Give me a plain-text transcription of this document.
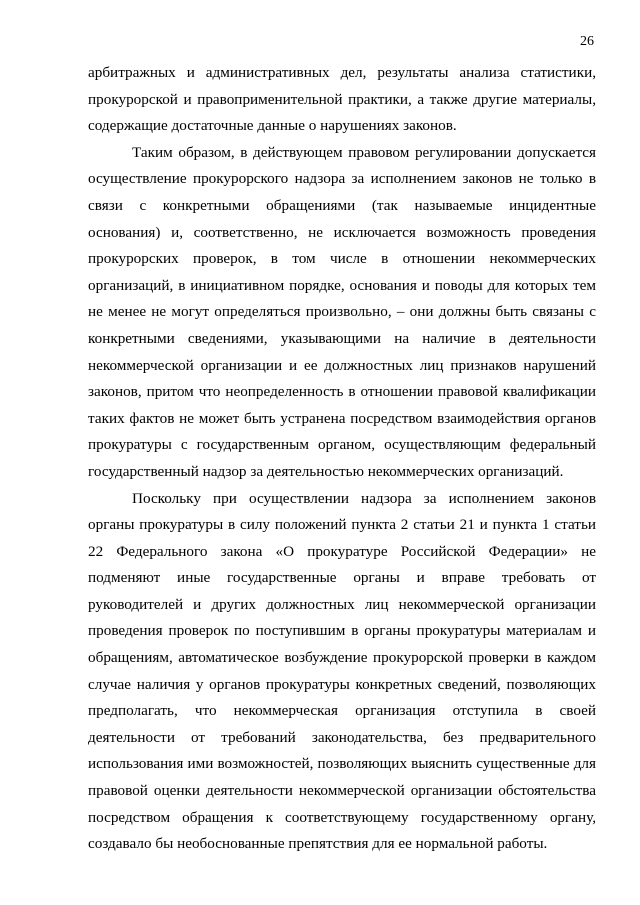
26
арбитражных и административных дел, результаты анализа статистики,
прокурорской и правоприменительной практики, а также другие материалы,
содержащие достаточные данные о нарушениях законов.
Таким образом, в действующем правовом регулировании допускается
осуществление прокурорского надзора за исполнением законов не только в
связи с конкретными обращениями (так называемые инцидентные
основания) и, соответственно, не исключается возможность проведения
прокурорских проверок, в том числе в отношении некоммерческих
организаций, в инициативном порядке, основания и поводы для которых тем
не менее не могут определяться произвольно, – они должны быть связаны с
конкретными сведениями, указывающими на наличие в деятельности
некоммерческой организации и ее должностных лиц признаков нарушений
законов, притом что неопределенность в отношении правовой квалификации
таких фактов не может быть устранена посредством взаимодействия органов
прокуратуры с государственным органом, осуществляющим федеральный
государственный надзор за деятельностью некоммерческих организаций.
Поскольку при осуществлении надзора за исполнением законов
органы прокуратуры в силу положений пункта 2 статьи 21 и пункта 1 статьи
22 Федерального закона «О прокуратуре Российской Федерации» не
подменяют иные государственные органы и вправе требовать от
руководителей и других должностных лиц некоммерческой организации
проведения проверок по поступившим в органы прокуратуры материалам и
обращениям, автоматическое возбуждение прокурорской проверки в каждом
случае наличия у органов прокуратуры конкретных сведений, позволяющих
предполагать, что некоммерческая организация отступила в своей
деятельности от требований законодательства, без предварительного
использования ими возможностей, позволяющих выяснить существенные для
правовой оценки деятельности некоммерческой организации обстоятельства
посредством обращения к соответствующему государственному органу,
создавало бы необоснованные препятствия для ее нормальной работы.
